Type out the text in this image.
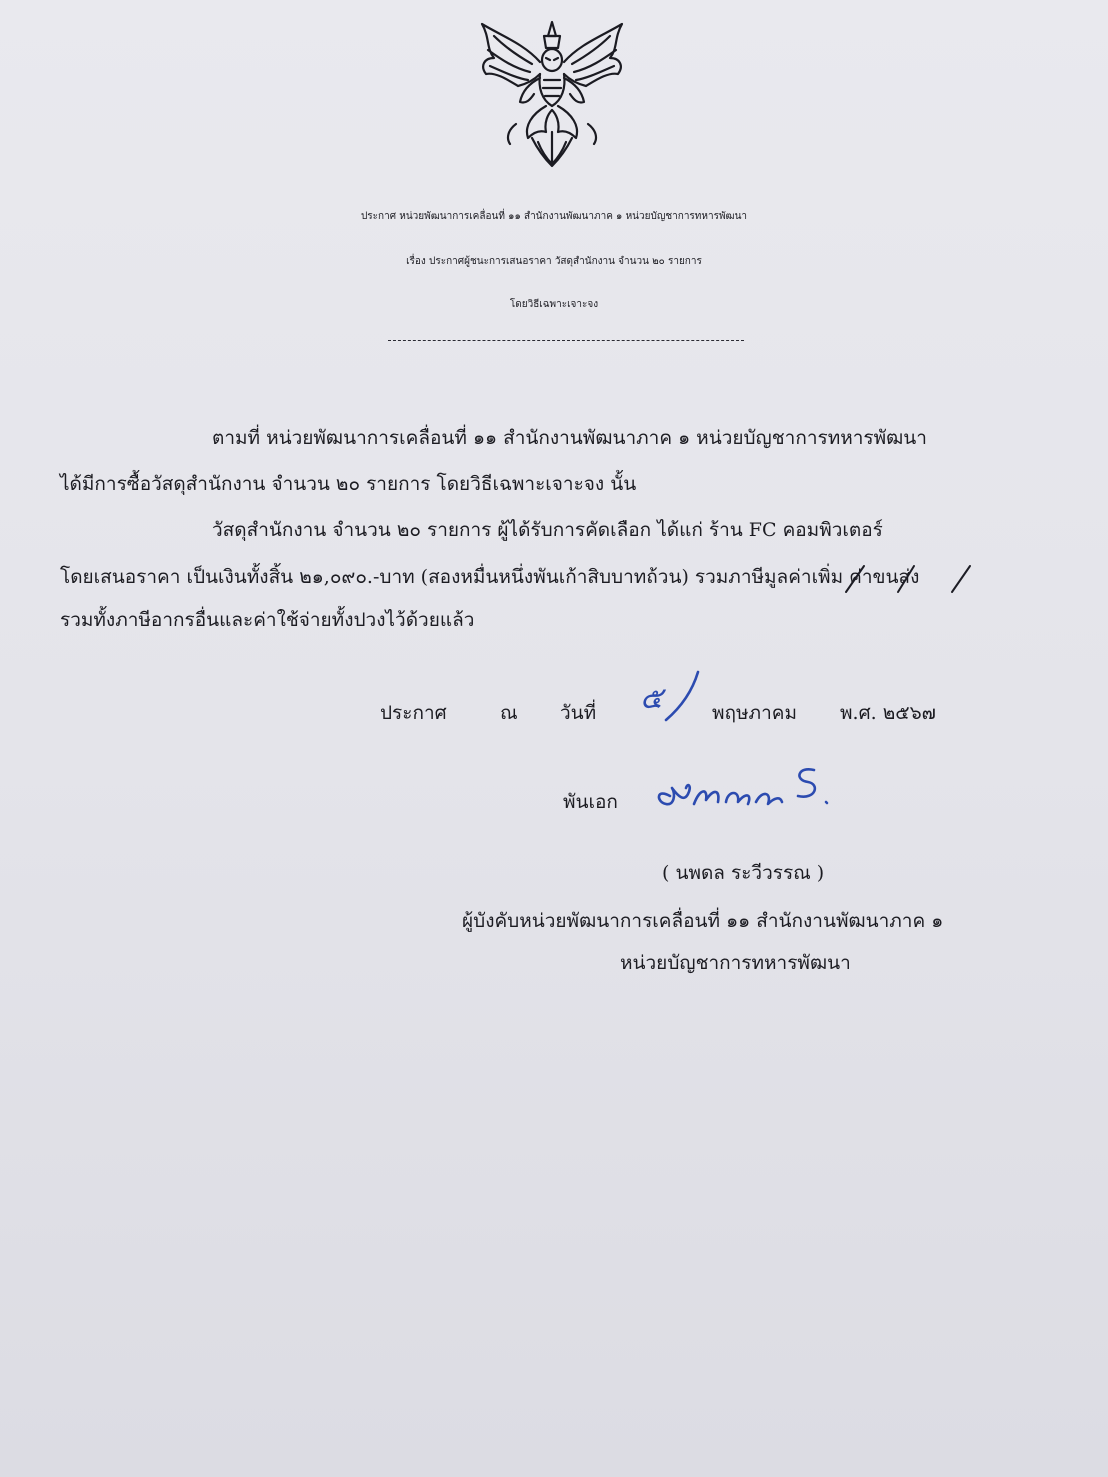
ประกาศ หน่วยพัฒนาการเคลื่อนที่ ๑๑ สำนักงานพัฒนาภาค ๑ หน่วยบัญชาการทหารพัฒนา
เรื่อง ประกาศผู้ชนะการเสนอราคา วัสดุสำนักงาน จำนวน ๒๐ รายการ
โดยวิธีเฉพาะเจาะจง
ตามที่ หน่วยพัฒนาการเคลื่อนที่ ๑๑ สำนักงานพัฒนาภาค ๑ หน่วยบัญชาการทหารพัฒนา
ได้มีการซื้อวัสดุสำนักงาน จำนวน ๒๐ รายการ โดยวิธีเฉพาะเจาะจง นั้น
วัสดุสำนักงาน จำนวน ๒๐ รายการ ผู้ได้รับการคัดเลือก ได้แก่ ร้าน FC คอมพิวเตอร์
โดยเสนอราคา เป็นเงินทั้งสิ้น ๒๑,๐๙๐.-บาท (สองหมื่นหนึ่งพันเก้าสิบบาทถ้วน) รวมภาษีมูลค่าเพิ่ม ค่าขนส่ง
รวมทั้งภาษีอากรอื่นและค่าใช้จ่ายทั้งปวงไว้ด้วยแล้ว
ประกาศ	ณ วันที่ ๕	พฤษภาคม พ.ศ. ๒๕๖๗
พันเอก
( นพดล ระวีวรรณ )
ผู้บังคับหน่วยพัฒนาการเคลื่อนที่ ๑๑ สำนักงานพัฒนาภาค ๑
หน่วยบัญชาการทหารพัฒนา
